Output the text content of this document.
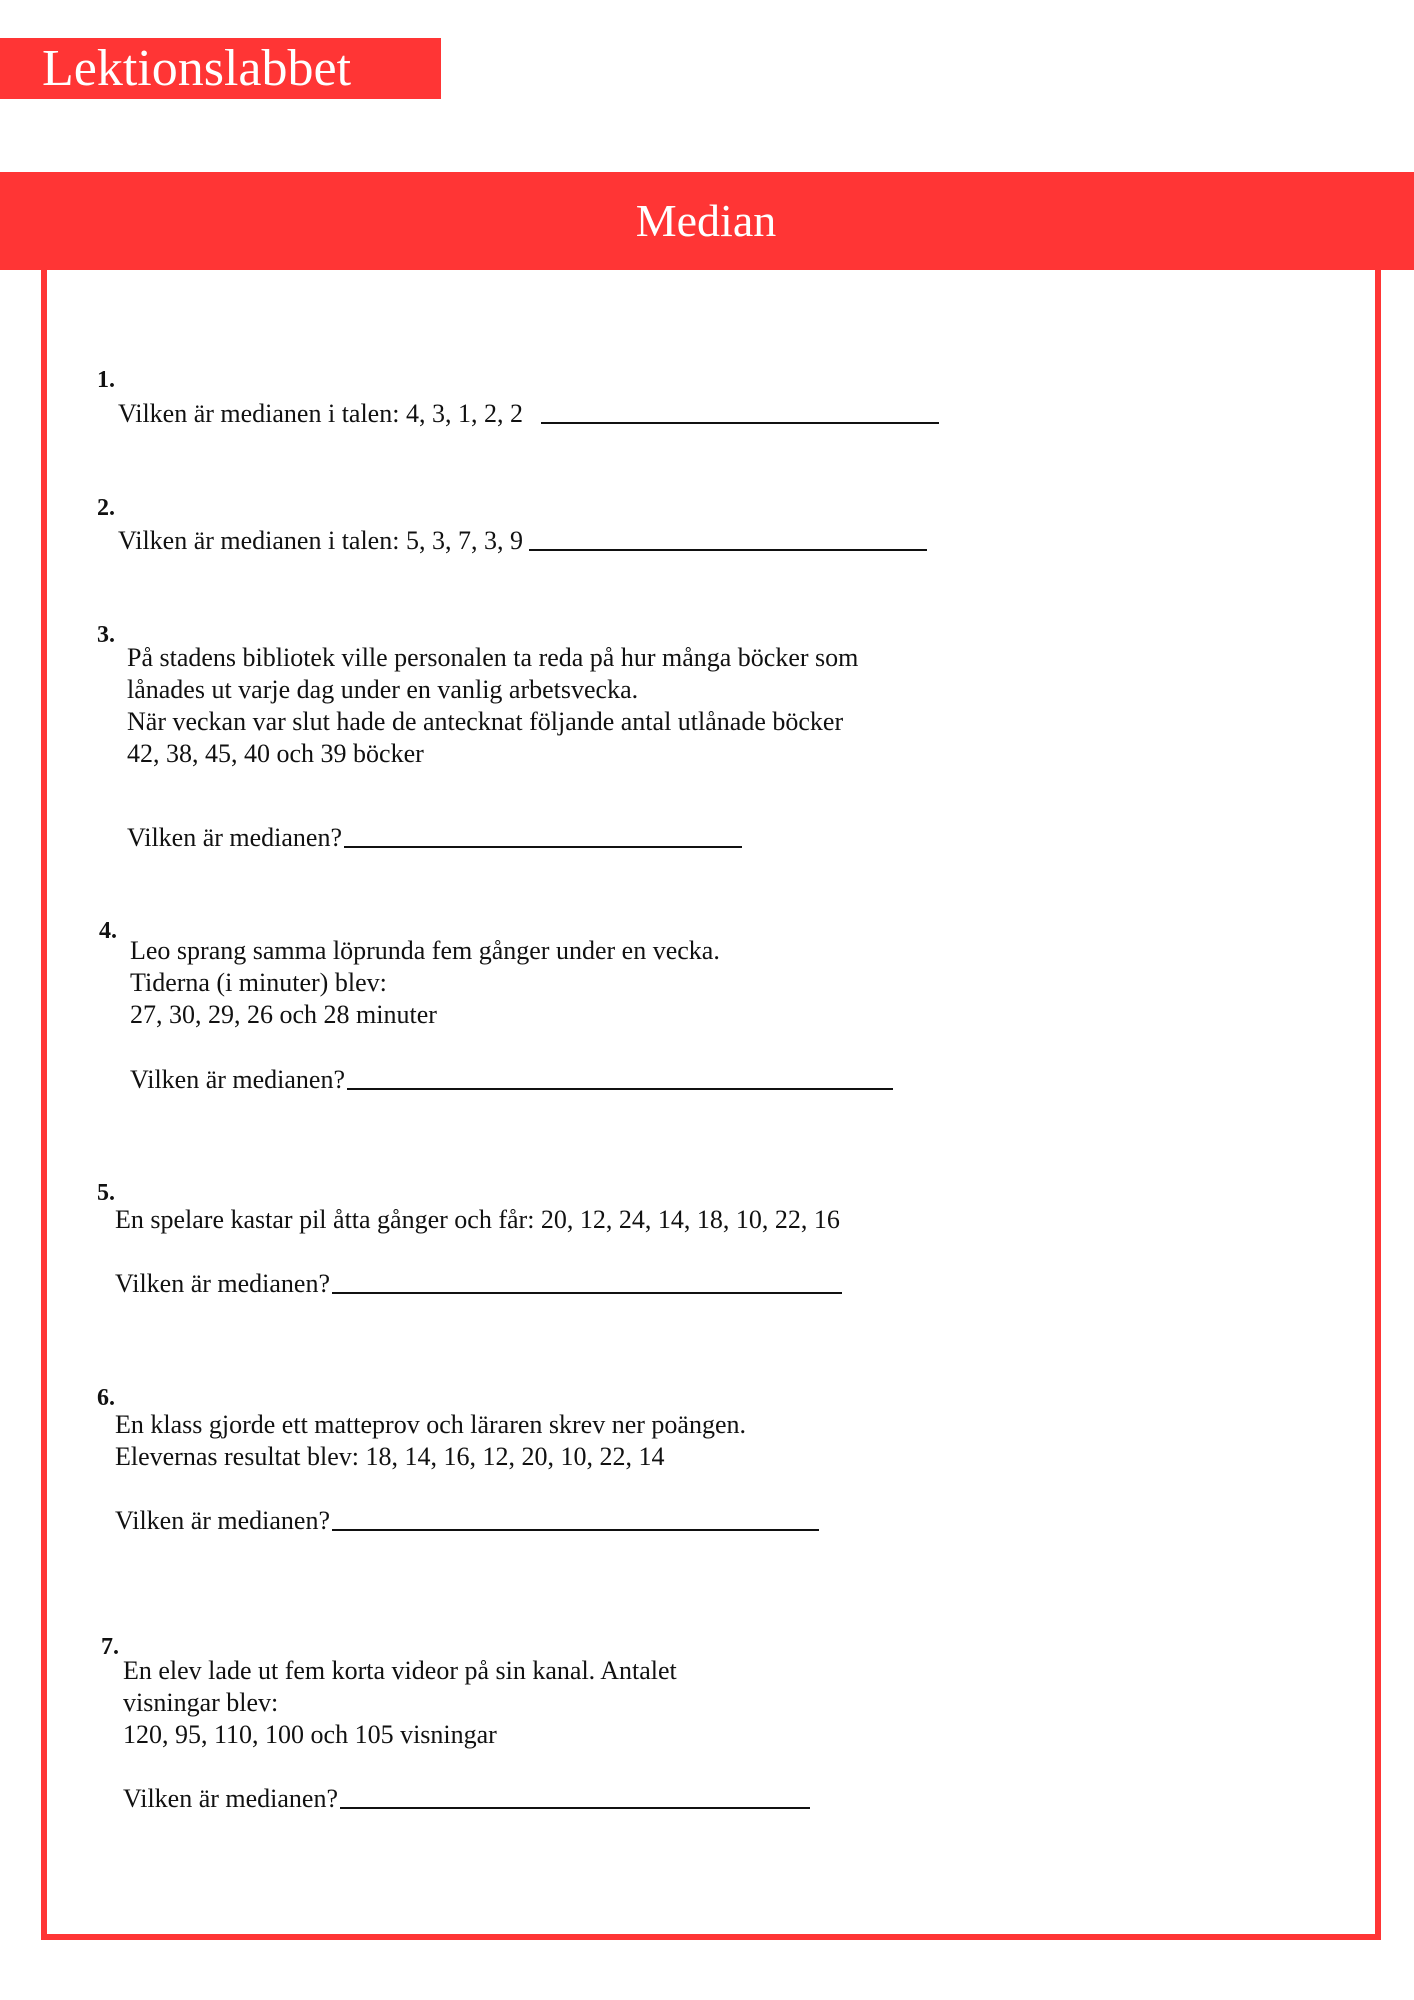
Lektionslabbet
Median
1.
Vilken är medianen i talen: 4, 3, 1, 2, 2
2.
Vilken är medianen i talen: 5, 3, 7, 3, 9
3.
På stadens bibliotek ville personalen ta reda på hur många böcker som
lånades ut varje dag under en vanlig arbetsvecka.
När veckan var slut hade de antecknat följande antal utlånade böcker
42, 38, 45, 40 och 39 böcker
Vilken är medianen?
4.
Leo sprang samma löprunda fem gånger under en vecka.
Tiderna (i minuter) blev:
27, 30, 29, 26 och 28 minuter
Vilken är medianen?
5.
En spelare kastar pil åtta gånger och får: 20, 12, 24, 14, 18, 10, 22, 16
Vilken är medianen?
6.
En klass gjorde ett matteprov och läraren skrev ner poängen.
Elevernas resultat blev: 18, 14, 16, 12, 20, 10, 22, 14
Vilken är medianen?
7.
En elev lade ut fem korta videor på sin kanal. Antalet
visningar blev:
120, 95, 110, 100 och 105 visningar
Vilken är medianen?
